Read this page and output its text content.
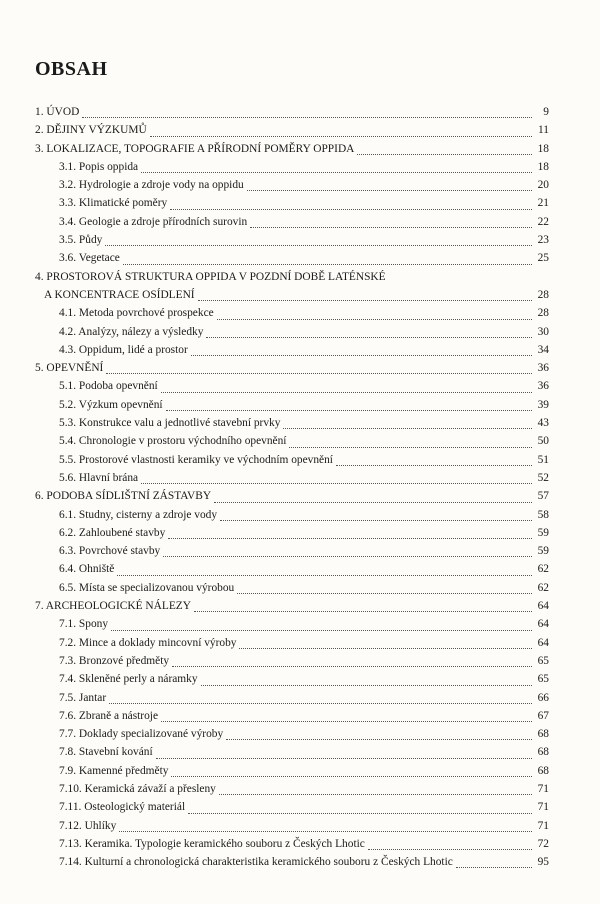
OBSAH
1. ÚVOD	9
2. DĚJINY VÝZKUMŮ	11
3. LOKALIZACE, TOPOGRAFIE A PŘÍRODNÍ POMĚRY OPPIDA	18
3.1. Popis oppida	18
3.2. Hydrologie a zdroje vody na oppidu	20
3.3. Klimatické poměry	21
3.4. Geologie a zdroje přírodních surovin	22
3.5. Půdy	23
3.6. Vegetace	25
4. PROSTOROVÁ STRUKTURA OPPIDA V POZDNÍ DOBĚ LATÉNSKÉ
A KONCENTRACE OSÍDLENÍ	28
4.1. Metoda povrchové prospekce	28
4.2. Analýzy, nálezy a výsledky	30
4.3. Oppidum, lidé a prostor	34
5. OPEVNĚNÍ	36
5.1. Podoba opevnění	36
5.2. Výzkum opevnění	39
5.3. Konstrukce valu a jednotlivé stavební prvky	43
5.4. Chronologie v prostoru východního opevnění	50
5.5. Prostorové vlastnosti keramiky ve východním opevnění	51
5.6. Hlavní brána	52
6. PODOBA SÍDLIŠTNÍ ZÁSTAVBY	57
6.1. Studny, cisterny a zdroje vody	58
6.2. Zahloubené stavby	59
6.3. Povrchové stavby	59
6.4. Ohniště	62
6.5. Místa se specializovanou výrobou	62
7. ARCHEOLOGICKÉ NÁLEZY	64
7.1. Spony	64
7.2. Mince a doklady mincovní výroby	64
7.3. Bronzové předměty	65
7.4. Skleněné perly a náramky	65
7.5. Jantar	66
7.6. Zbraně a nástroje	67
7.7. Doklady specializované výroby	68
7.8. Stavební kování	68
7.9. Kamenné předměty	68
7.10. Keramická závaží a přesleny	71
7.11. Osteologický materiál	71
7.12. Uhlíky	71
7.13. Keramika. Typologie keramického souboru z Českých Lhotic	72
7.14. Kulturní a chronologická charakteristika keramického souboru z Českých Lhotic	95
